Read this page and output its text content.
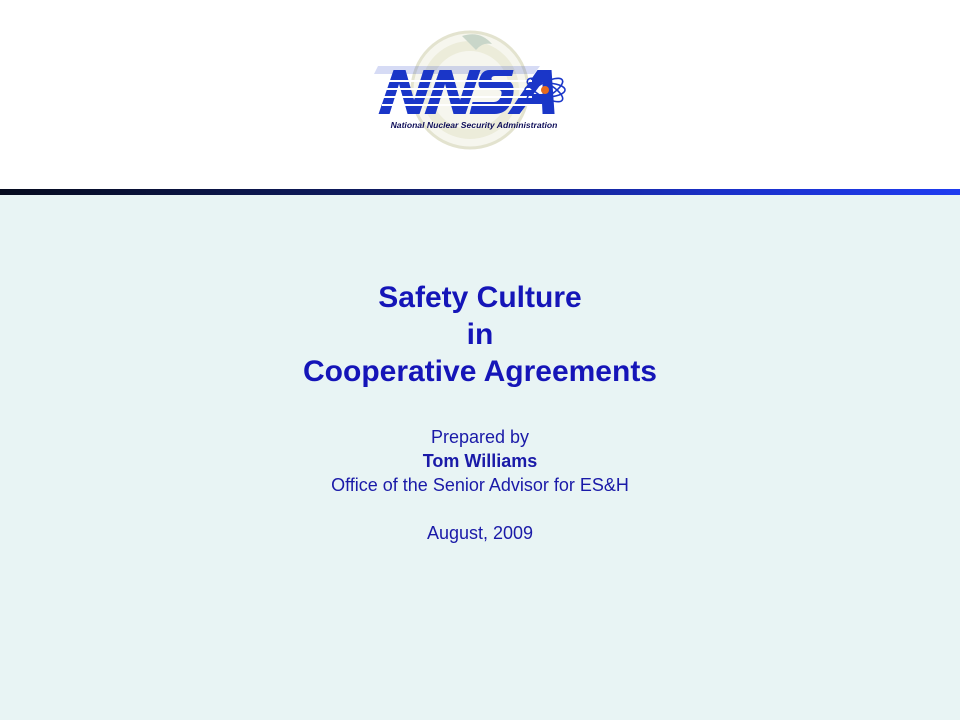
National Nuclear Security Administration
Safety Culture
in
Cooperative Agreements
Prepared by
Tom Williams
Office of the Senior Advisor for ES&H
August, 2009
